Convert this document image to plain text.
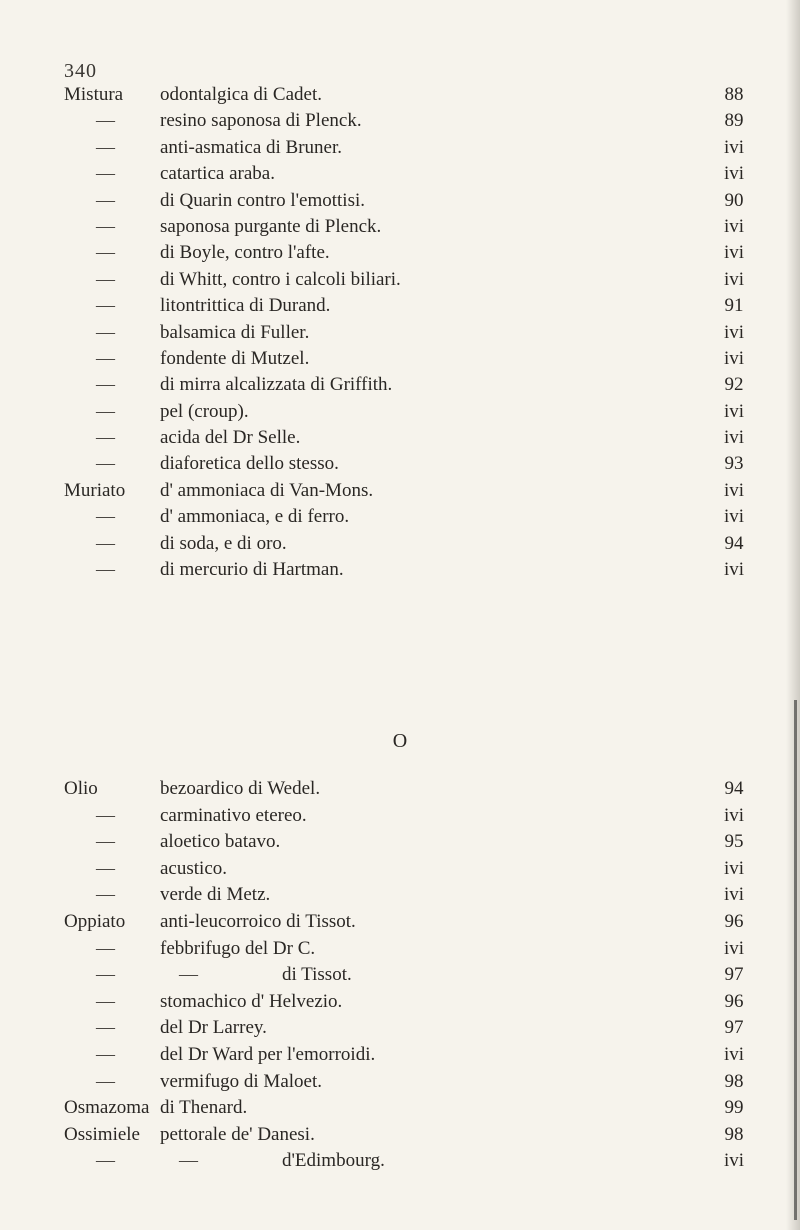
340
Mistura odontalgica di Cadet.	88
— resino saponosa di Plenck.	89
— anti-asmatica di Bruner.	ivi
— catartica araba.	ivi
— di Quarin contro l'emottisi.	90
— saponosa purgante di Plenck.	ivi
— di Boyle, contro l'afte.	ivi
— di Whitt, contro i calcoli biliari.	ivi
— litontrittica di Durand.	91
— balsamica di Fuller.	ivi
— fondente di Mutzel.	ivi
— di mirra alcalizzata di Griffith.	92
— pel (croup).	ivi
— acida del Dr Selle.	ivi
— diaforetica dello stesso.	93
Muriato d' ammoniaca di Van-Mons.	ivi
— d' ammoniaca, e di ferro.	ivi
— di soda, e di oro.	94
— di mercurio di Hartman.	ivi
O
Olio	bezoardico di Wedel.	94
— carminativo etereo.	ivi
— aloetico batavo.	95
— acustico.	ivi
— verde di Metz.	ivi
Oppiato anti-leucorroico di Tissot.	96
— febbrifugo del Dr C.	ivi
—	—	di Tissot.	97
— stomachico d' Helvezio.	96
— del Dr Larrey.	97
— del Dr Ward per l'emorroidi.	ivi
— vermifugo di Maloet.	98
Osmazoma di Thenard.	99
Ossimiele pettorale de' Danesi.	98
—	—	d'Edimbourg.	ivi
